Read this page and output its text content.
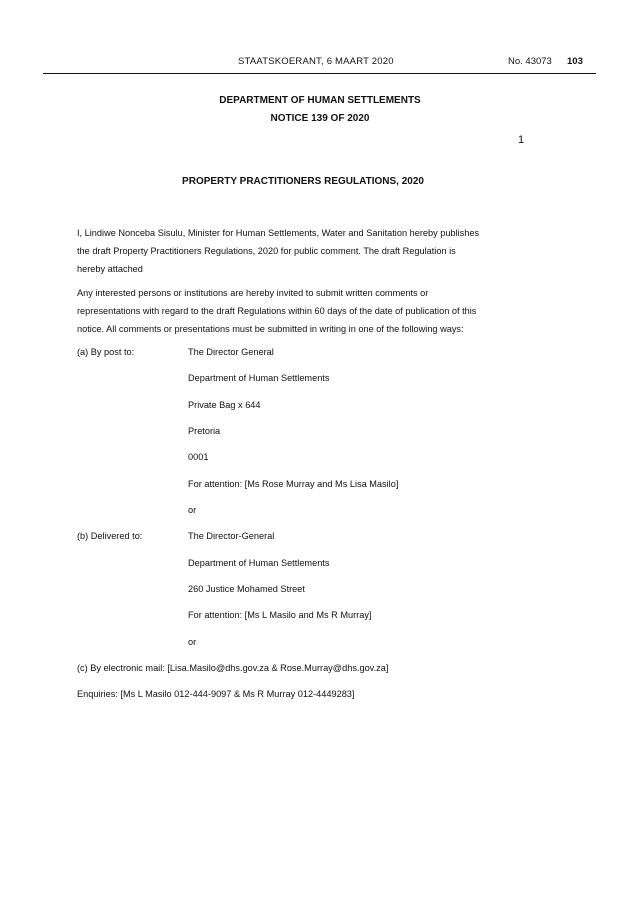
STAATSKOERANT, 6 MAART 2020	No. 43073 103
DEPARTMENT OF HUMAN SETTLEMENTS
NOTICE 139 OF 2020
1
PROPERTY PRACTITIONERS REGULATIONS, 2020
I, Lindiwe Nonceba Sisulu, Minister for Human Settlements, Water and Sanitation hereby publishes
the draft Property Practitioners Regulations, 2020 for public comment. The draft Regulation is
hereby attached
Any interested persons or institutions are hereby invited to submit written comments or
representations with regard to the draft Regulations within 60 days of the date of publication of this
notice. All comments or presentations must be submitted in writing in one of the following ways:
(a) By post to:	The Director General
Department of Human Settlements
Private Bag x 644
Pretoria
0001
For attention: [Ms Rose Murray and Ms Lisa Masilo]
or
(b) Delivered to:	The Director-General
Department of Human Settlements
260 Justice Mohamed Street
For attention: [Ms L Masilo and Ms R Murray]
or
(c) By electronic mail: [Lisa.Masilo@dhs.gov.za & Rose.Murray@dhs.gov.za]
Enquiries: [Ms L Masilo 012-444-9097 & Ms R Murray 012-4449283]
